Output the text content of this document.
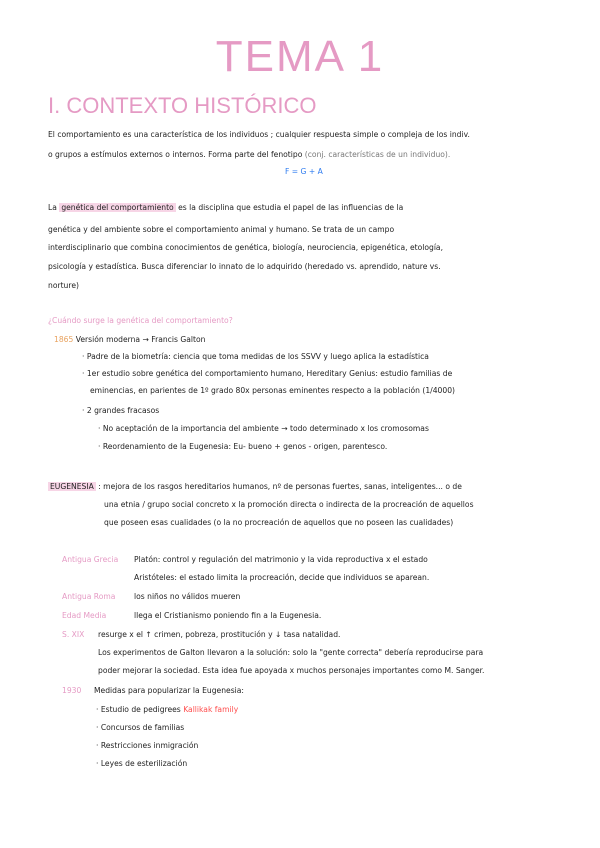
TEMA 1
I. CONTEXTO HISTÓRICO
El comportamiento es una característica de los individuos ; cualquier respuesta simple o compleja de los indiv.
o grupos a estímulos externos o internos. Forma parte del fenotipo (conj. características de un individuo).
F = G + A
La genética del comportamiento es la disciplina que estudia el papel de las influencias de la
genética y del ambiente sobre el comportamiento animal y humano. Se trata de un campo
interdisciplinario que combina conocimientos de genética, biología, neurociencia, epigenética, etología,
psicología y estadística. Busca diferenciar lo innato de lo adquirido (heredado vs. aprendido, nature vs.
norture)
¿Cuándo surge la genética del comportamiento?
1865 Versión moderna → Francis Galton
· Padre de la biometría: ciencia que toma medidas de los SSVV y luego aplica la estadística
· 1er estudio sobre genética del comportamiento humano, Hereditary Genius: estudio familias de
eminencias, en parientes de 1º grado 80x personas eminentes respecto a la población (1/4000)
· 2 grandes fracasos
· No aceptación de la importancia del ambiente → todo determinado x los cromosomas
· Reordenamiento de la Eugenesia: Eu- bueno + genos - origen, parentesco.
EUGENESIA : mejora de los rasgos hereditarios humanos, nº de personas fuertes, sanas, inteligentes... o de
una etnia / grupo social concreto x la promoción directa o indirecta de la procreación de aquellos
que poseen esas cualidades (o la no procreación de aquellos que no poseen las cualidades)
Antigua Grecia Platón: control y regulación del matrimonio y la vida reproductiva x el estado
Aristóteles: el estado limita la procreación, decide que individuos se aparean.
Antigua Roma los niños no válidos mueren
Edad Media	llega el Cristianismo poniendo fin a la Eugenesia.
S. XIX resurge x el ↑ crimen, pobreza, prostitución y ↓ tasa natalidad.
Los experimentos de Galton llevaron a la solución: solo la "gente correcta" debería reproducirse para
poder mejorar la sociedad. Esta idea fue apoyada x muchos personajes importantes como M. Sanger.
1930 Medidas para popularizar la Eugenesia:
· Estudio de pedigrees Kallikak family
· Concursos de familias
· Restricciones inmigración
· Leyes de esterilización
